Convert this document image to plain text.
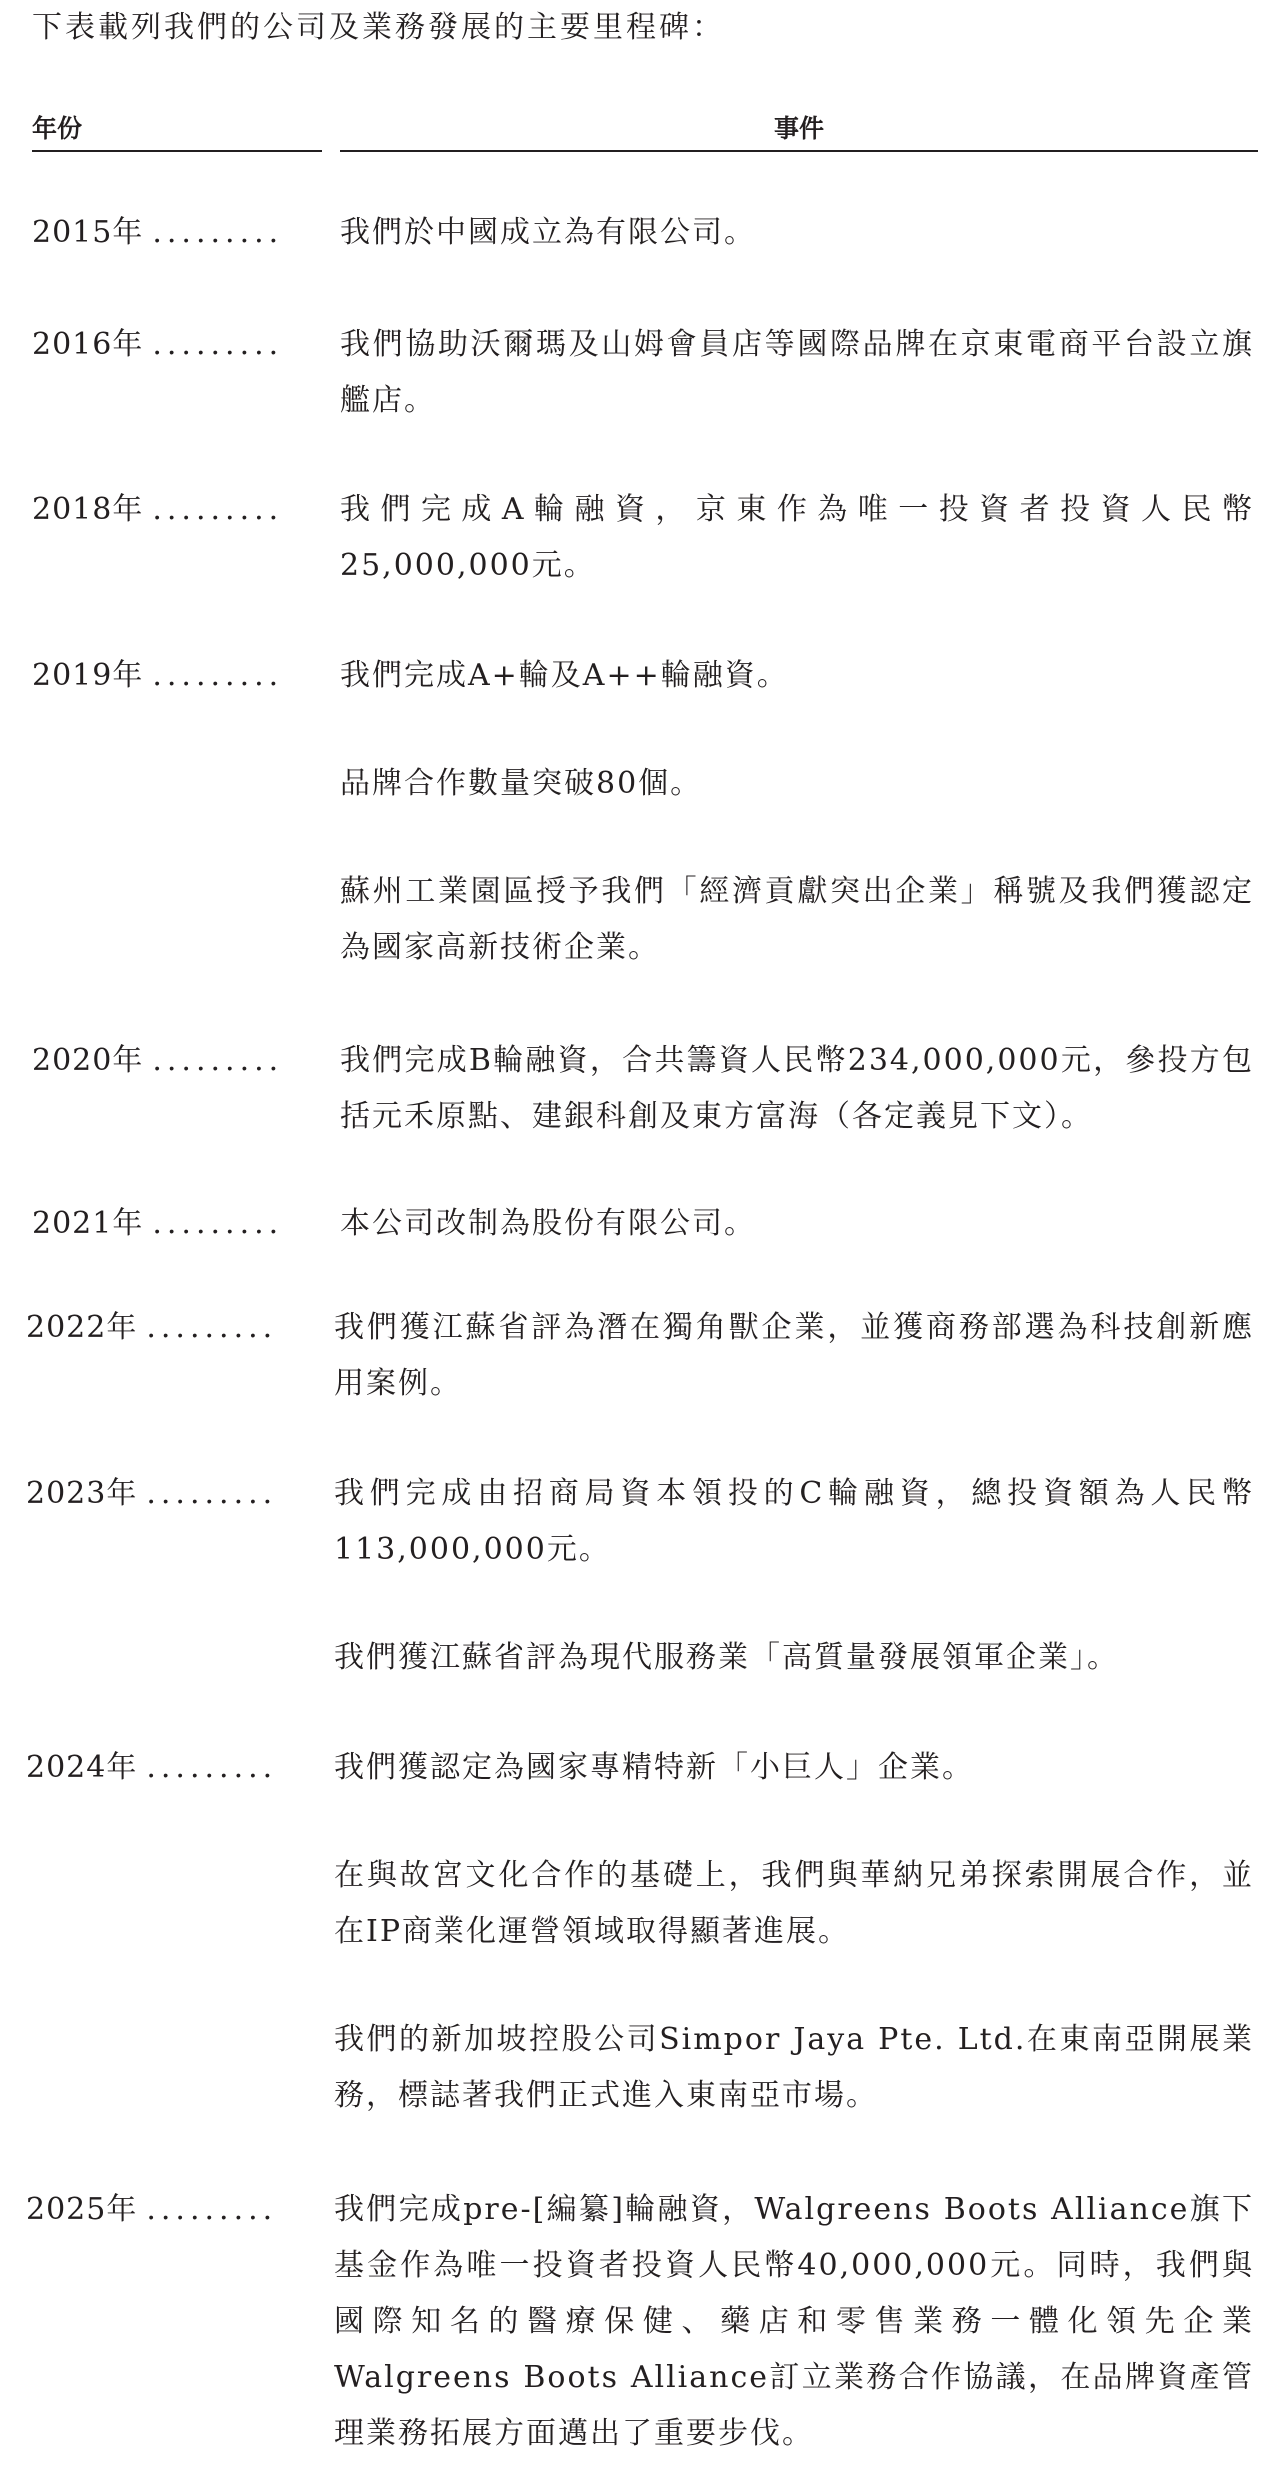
下表載列我們的公司及業務發展的主要里程碑：
年份	事件
2015年 .........	我們於中國成立為有限公司。

2016年 .........	我們協助沃爾瑪及山姆會員店等國際品牌在京東電商平台設立旗艦店。

2018年 .........	我們完成A輪融資，京東作為唯一投資者投資人民幣25,000,000元。

2019年 .........	我們完成A+輪及A++輪融資。

品牌合作數量突破80個。

蘇州工業園區授予我們「經濟貢獻突出企業」稱號及我們獲認定為國家高新技術企業。

2020年 .........	我們完成B輪融資，合共籌資人民幣234,000,000元，參投方包括元禾原點、建銀科創及東方富海（各定義見下文）。

2021年 .........	本公司改制為股份有限公司。

2022年 .........	我們獲江蘇省評為潛在獨角獸企業，並獲商務部選為科技創新應用案例。

2023年 .........	我們完成由招商局資本領投的C輪融資，總投資額為人民幣113,000,000元。

我們獲江蘇省評為現代服務業「高質量發展領軍企業」。

2024年 .........	我們獲認定為國家專精特新「小巨人」企業。

在與故宮文化合作的基礎上，我們與華納兄弟探索開展合作，並在IP商業化運營領域取得顯著進展。

我們的新加坡控股公司Simpor Jaya Pte. Ltd.在東南亞開展業務，標誌著我們正式進入東南亞市場。

2025年 .........	我們完成pre-[編纂]輪融資，Walgreens Boots Alliance旗下基金作為唯一投資者投資人民幣40,000,000元。同時，我們與國際知名的醫療保健、藥店和零售業務一體化領先企業Walgreens Boots Alliance訂立業務合作協議，在品牌資產管理業務拓展方面邁出了重要步伐。
